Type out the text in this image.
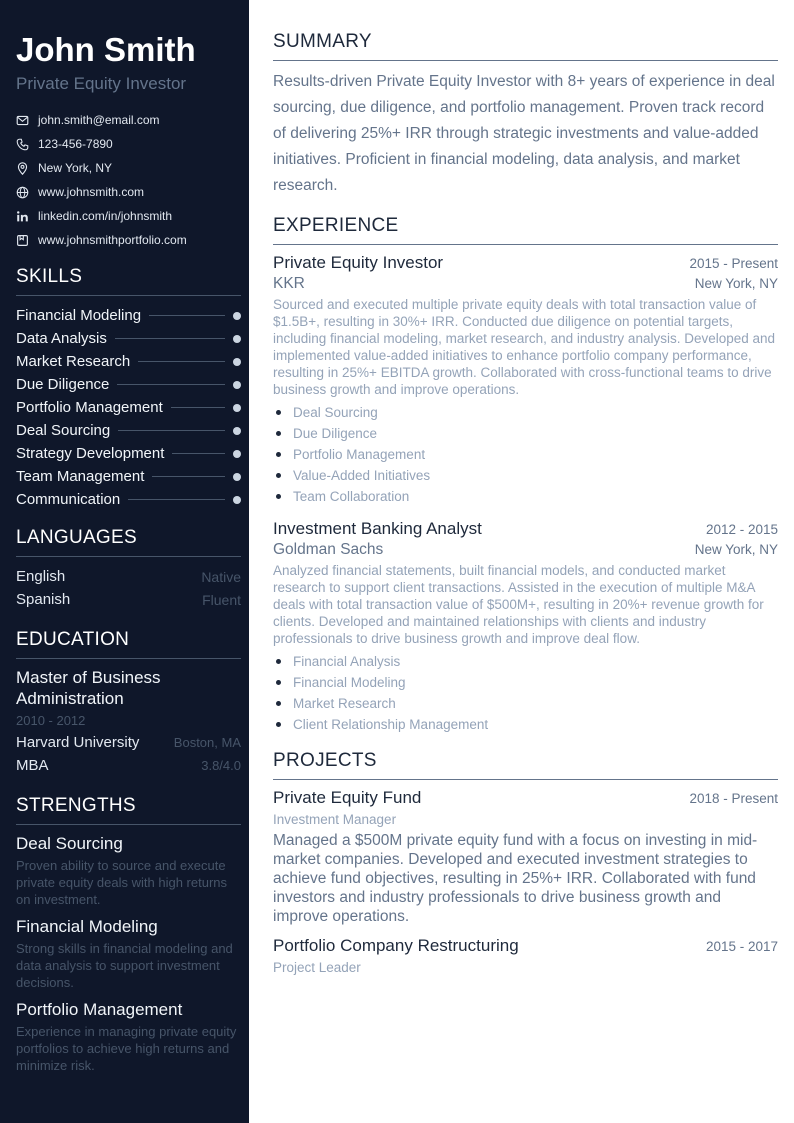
John Smith
Private Equity Investor
john.smith@email.com
123-456-7890
New York, NY
www.johnsmith.com
linkedin.com/in/johnsmith
www.johnsmithportfolio.com
SKILLS
Financial Modeling
Data Analysis
Market Research
Due Diligence
Portfolio Management
Deal Sourcing
Strategy Development
Team Management
Communication
LANGUAGES
English	Native
Spanish	Fluent
EDUCATION
Master of Business Administration
2010 - 2012
Harvard University	Boston, MA
MBA	3.8/4.0
STRENGTHS
Deal Sourcing
Proven ability to source and execute private equity deals with high returns on investment.
Financial Modeling
Strong skills in financial modeling and data analysis to support investment decisions.
Portfolio Management
Experience in managing private equity portfolios to achieve high returns and minimize risk.
SUMMARY
Results-driven Private Equity Investor with 8+ years of experience in deal sourcing, due diligence, and portfolio management. Proven track record of delivering 25%+ IRR through strategic investments and value-added initiatives. Proficient in financial modeling, data analysis, and market research.
EXPERIENCE
Private Equity Investor	2015 - Present
KKR	New York, NY
Sourced and executed multiple private equity deals with total transaction value of $1.5B+, resulting in 30%+ IRR. Conducted due diligence on potential targets, including financial modeling, market research, and industry analysis. Developed and implemented value-added initiatives to enhance portfolio company performance, resulting in 25%+ EBITDA growth. Collaborated with cross-functional teams to drive business growth and improve operations.
Deal Sourcing
Due Diligence
Portfolio Management
Value-Added Initiatives
Team Collaboration
Investment Banking Analyst	2012 - 2015
Goldman Sachs	New York, NY
Analyzed financial statements, built financial models, and conducted market research to support client transactions. Assisted in the execution of multiple M&A deals with total transaction value of $500M+, resulting in 20%+ revenue growth for clients. Developed and maintained relationships with clients and industry professionals to drive business growth and improve deal flow.
Financial Analysis
Financial Modeling
Market Research
Client Relationship Management
PROJECTS
Private Equity Fund	2018 - Present
Investment Manager
Managed a $500M private equity fund with a focus on investing in mid-market companies. Developed and executed investment strategies to achieve fund objectives, resulting in 25%+ IRR. Collaborated with fund investors and industry professionals to drive business growth and improve operations.
Portfolio Company Restructuring	2015 - 2017
Project Leader
